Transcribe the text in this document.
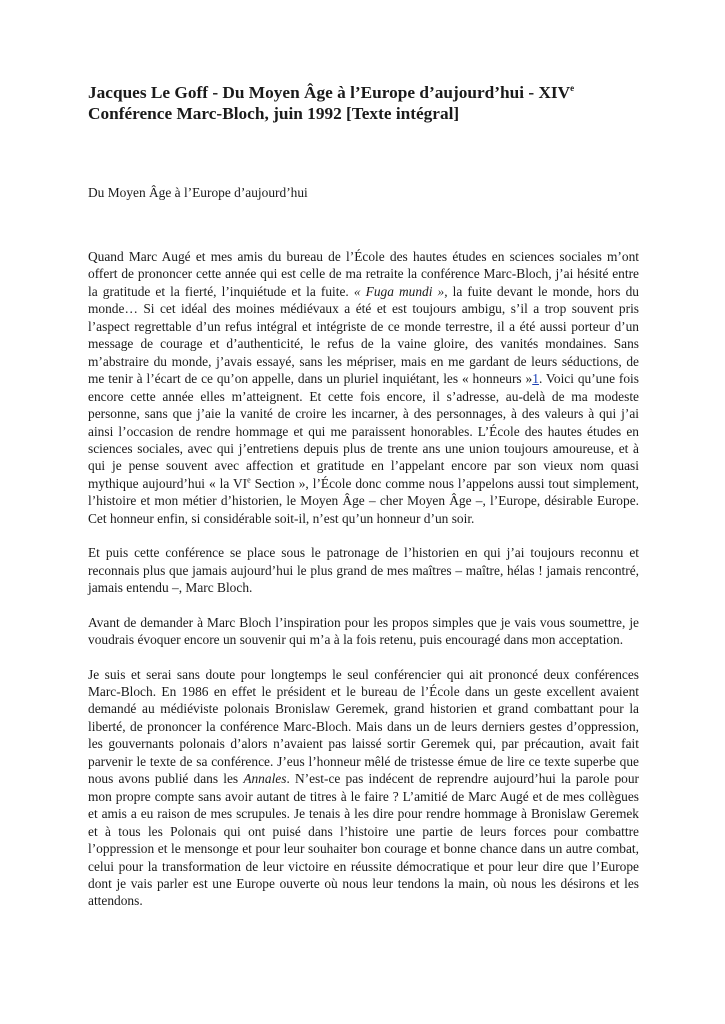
Jacques Le Goff - Du Moyen Âge à l’Europe d’aujourd’hui - XIVe
Conférence Marc-Bloch, juin 1992 [Texte intégral]

Du Moyen Âge à l’Europe d’aujourd’hui

Quand Marc Augé et mes amis du bureau de l’École des hautes études en sciences sociales m’ont offert de prononcer cette année qui est celle de ma retraite la conférence Marc-Bloch, j’ai hésité entre la gratitude et la fierté, l’inquiétude et la fuite. « Fuga mundi », la fuite devant le monde, hors du monde… Si cet idéal des moines médiévaux a été et est toujours ambigu, s’il a trop souvent pris l’aspect regrettable d’un refus intégral et intégriste de ce monde terrestre, il a été aussi porteur d’un message de courage et d’authenticité, le refus de la vaine gloire, des vanités mondaines. Sans m’abstraire du monde, j’avais essayé, sans les mépriser, mais en me gardant de leurs séductions, de me tenir à l’écart de ce qu’on appelle, dans un pluriel inquiétant, les « honneurs »1. Voici qu’une fois encore cette année elles m’atteignent. Et cette fois encore, il s’adresse, au-delà de ma modeste personne, sans que j’aie la vanité de croire les incarner, à des personnages, à des valeurs à qui j’ai ainsi l’occasion de rendre hommage et qui me paraissent honorables. L’École des hautes études en sciences sociales, avec qui j’entretiens depuis plus de trente ans une union toujours amoureuse, et à qui je pense souvent avec affection et gratitude en l’appelant encore par son vieux nom quasi mythique aujourd’hui « la VIe Section », l’École donc comme nous l’appelons aussi tout simplement, l’histoire et mon métier d’historien, le Moyen Âge – cher Moyen Âge –, l’Europe, désirable Europe. Cet honneur enfin, si considérable soit-il, n’est qu’un honneur d’un soir.

Et puis cette conférence se place sous le patronage de l’historien en qui j’ai toujours reconnu et reconnais plus que jamais aujourd’hui le plus grand de mes maîtres – maître, hélas ! jamais rencontré, jamais entendu –, Marc Bloch.

Avant de demander à Marc Bloch l’inspiration pour les propos simples que je vais vous soumettre, je voudrais évoquer encore un souvenir qui m’a à la fois retenu, puis encouragé dans mon acceptation.

Je suis et serai sans doute pour longtemps le seul conférencier qui ait prononcé deux conférences Marc-Bloch. En 1986 en effet le président et le bureau de l’École dans un geste excellent avaient demandé au médiéviste polonais Bronislaw Geremek, grand historien et grand combattant pour la liberté, de prononcer la conférence Marc-Bloch. Mais dans un de leurs derniers gestes d’oppression, les gouvernants polonais d’alors n’avaient pas laissé sortir Geremek qui, par précaution, avait fait parvenir le texte de sa conférence. J’eus l’honneur mêlé de tristesse émue de lire ce texte superbe que nous avons publié dans les Annales. N’est-ce pas indécent de reprendre aujourd’hui la parole pour mon propre compte sans avoir autant de titres à le faire ? L’amitié de Marc Augé et de mes collègues et amis a eu raison de mes scrupules. Je tenais à les dire pour rendre hommage à Bronislaw Geremek et à tous les Polonais qui ont puisé dans l’histoire une partie de leurs forces pour combattre l’oppression et le mensonge et pour leur souhaiter bon courage et bonne chance dans un autre combat, celui pour la transformation de leur victoire en réussite démocratique et pour leur dire que l’Europe dont je vais parler est une Europe ouverte où nous leur tendons la main, où nous les désirons et les attendons.
